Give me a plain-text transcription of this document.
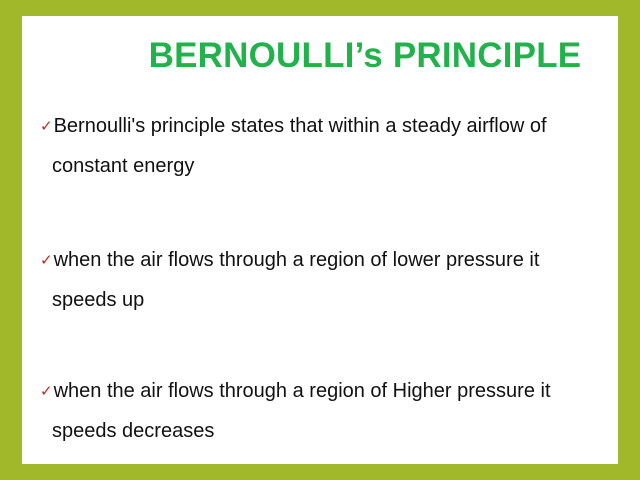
BERNOULLI’s PRINCIPLE
✓Bernoulli's principle states that within a steady airflow of
constant energy
✓when the air flows through a region of lower pressure it
speeds up
✓when the air flows through a region of Higher pressure it
speeds decreases
